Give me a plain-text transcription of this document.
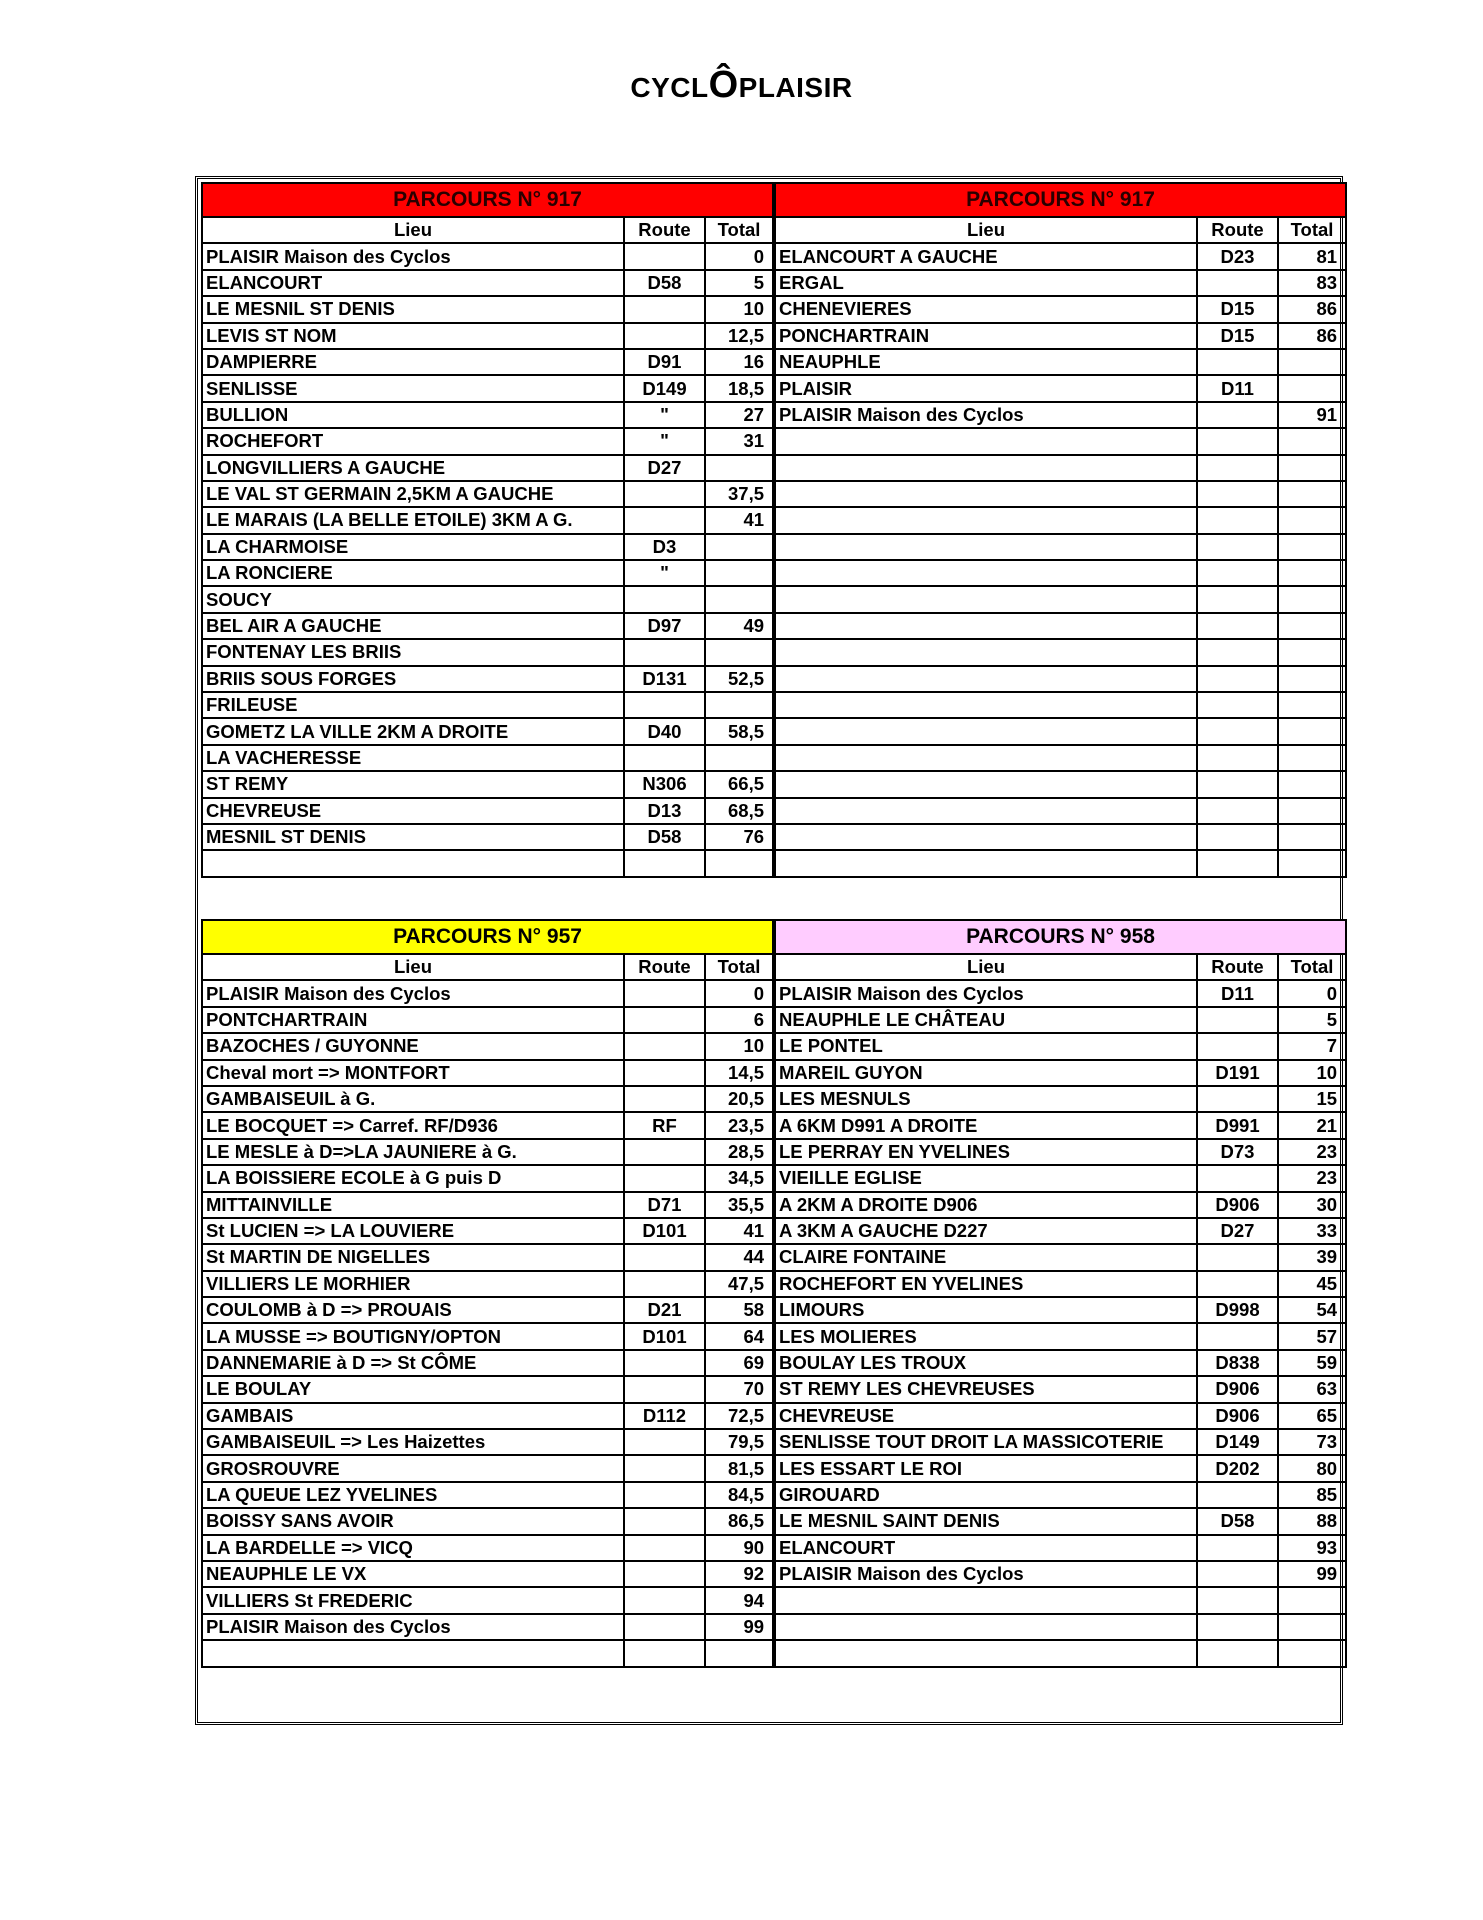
CYCLÔPLAISIR
PARCOURS N° 917		
Lieu	Route	Total
PLAISIR Maison des Cyclos		0
ELANCOURT	D58	5
LE MESNIL ST DENIS		10
LEVIS ST NOM		12,5
DAMPIERRE	D91	16
SENLISSE	D149	18,5
BULLION	"	27
ROCHEFORT	"	31
LONGVILLIERS A GAUCHE	D27	
LE VAL ST GERMAIN 2,5KM A GAUCHE		37,5
LE MARAIS (LA BELLE ETOILE) 3KM A G.		41
LA CHARMOISE	D3	
LA RONCIERE	"	
SOUCY		
BEL AIR A GAUCHE	D97	49
FONTENAY LES BRIIS		
BRIIS SOUS FORGES	D131	52,5
FRILEUSE		
GOMETZ LA VILLE 2KM A DROITE	D40	58,5
LA VACHERESSE		
ST REMY	N306	66,5
CHEVREUSE	D13	68,5
MESNIL ST DENIS	D58	76

PARCOURS N° 917		
Lieu	Route	Total
ELANCOURT A GAUCHE	D23	81
ERGAL		83
CHENEVIERES	D15	86
PONCHARTRAIN	D15	86
NEAUPHLE		
PLAISIR	D11	
PLAISIR Maison des Cyclos		91

PARCOURS N° 957		
Lieu	Route	Total
PLAISIR Maison des Cyclos		0
PONTCHARTRAIN		6
BAZOCHES / GUYONNE		10
Cheval mort => MONTFORT		14,5
GAMBAISEUIL à G.		20,5
LE BOCQUET => Carref. RF/D936	RF	23,5
LE MESLE à D=>LA JAUNIERE à G.		28,5
LA BOISSIERE ECOLE à G puis D		34,5
MITTAINVILLE	D71	35,5
St LUCIEN => LA LOUVIERE	D101	41
St MARTIN DE NIGELLES		44
VILLIERS LE MORHIER		47,5
COULOMB à D => PROUAIS	D21	58
LA MUSSE => BOUTIGNY/OPTON	D101	64
DANNEMARIE à D => St CÔME		69
LE BOULAY		70
GAMBAIS	D112	72,5
GAMBAISEUIL => Les Haizettes		79,5
GROSROUVRE		81,5
LA QUEUE LEZ YVELINES		84,5
BOISSY SANS AVOIR		86,5
LA BARDELLE => VICQ		90
NEAUPHLE LE VX		92
VILLIERS St FREDERIC		94
PLAISIR Maison des Cyclos		99

PARCOURS N° 958		
Lieu	Route	Total
PLAISIR Maison des Cyclos	D11	0
NEAUPHLE LE CHÂTEAU		5
LE PONTEL		7
MAREIL GUYON	D191	10
LES MESNULS		15
A 6KM D991 A DROITE	D991	21
LE PERRAY EN YVELINES	D73	23
VIEILLE EGLISE		23
A 2KM A DROITE D906	D906	30
A 3KM A GAUCHE D227	D27	33
CLAIRE FONTAINE		39
ROCHEFORT EN YVELINES		45
LIMOURS	D998	54
LES MOLIERES		57
BOULAY LES TROUX	D838	59
ST REMY LES CHEVREUSES	D906	63
CHEVREUSE	D906	65
SENLISSE TOUT DROIT LA MASSICOTERIE	D149	73
LES ESSART LE ROI	D202	80
GIROUARD		85
LE MESNIL SAINT DENIS	D58	88
ELANCOURT		93
PLAISIR Maison des Cyclos		99
